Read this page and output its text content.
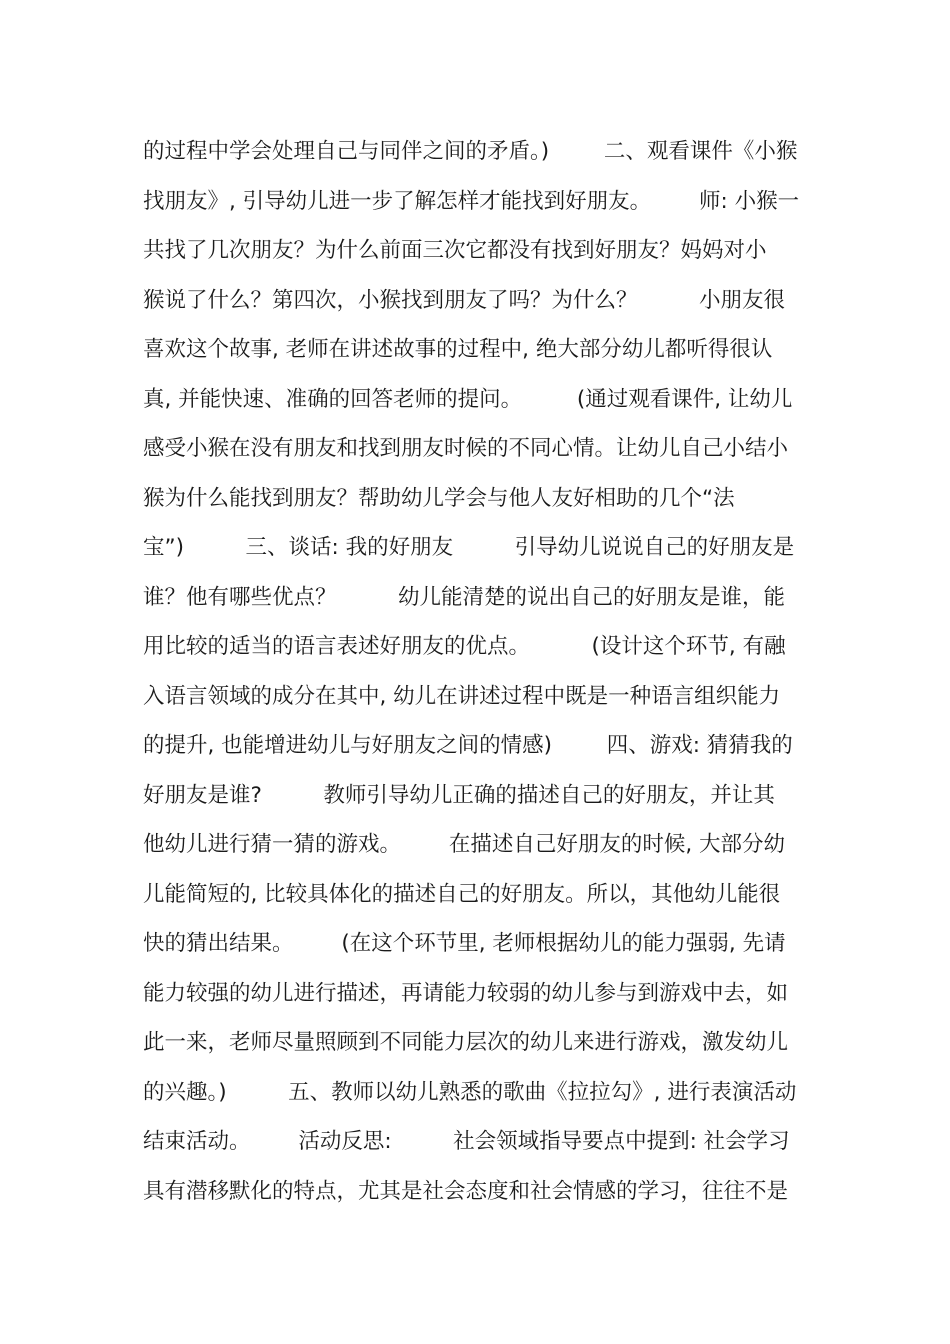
的过程中学会处理自己与同伴之间的矛盾。)        二、观看课件《小猴
找朋友》, 引导幼儿进一步了解怎样才能找到好朋友。       师: 小猴一
共找了几次朋友？为什么前面三次它都没有找到好朋友？妈妈对小
猴说了什么？第四次，小猴找到朋友了吗？为什么？         小朋友很
喜欢这个故事, 老师在讲述故事的过程中, 绝大部分幼儿都听得很认
真, 并能快速、准确的回答老师的提问。        (通过观看课件, 让幼儿
感受小猴在没有朋友和找到朋友时候的不同心情。让幼儿自己小结小
猴为什么能找到朋友？帮助幼儿学会与他人友好相助的几个“法
宝”)         三、谈话: 我的好朋友         引导幼儿说说自己的好朋友是
谁？他有哪些优点？         幼儿能清楚的说出自己的好朋友是谁，能
用比较的适当的语言表述好朋友的优点。         (设计这个环节, 有融
入语言领域的成分在其中, 幼儿在讲述过程中既是一种语言组织能力
的提升, 也能增进幼儿与好朋友之间的情感)        四、游戏: 猜猜我的
好朋友是谁?         教师引导幼儿正确的描述自己的好朋友，并让其
他幼儿进行猜一猜的游戏。       在描述自己好朋友的时候, 大部分幼
儿能简短的, 比较具体化的描述自己的好朋友。所以，其他幼儿能很
快的猜出结果。       (在这个环节里, 老师根据幼儿的能力强弱, 先请
能力较强的幼儿进行描述，再请能力较弱的幼儿参与到游戏中去，如
此一来，老师尽量照顾到不同能力层次的幼儿来进行游戏，激发幼儿
的兴趣。)         五、教师以幼儿熟悉的歌曲《拉拉勾》, 进行表演活动
结束活动。       活动反思:         社会领域指导要点中提到: 社会学习
具有潜移默化的特点，尤其是社会态度和社会情感的学习，往往不是
